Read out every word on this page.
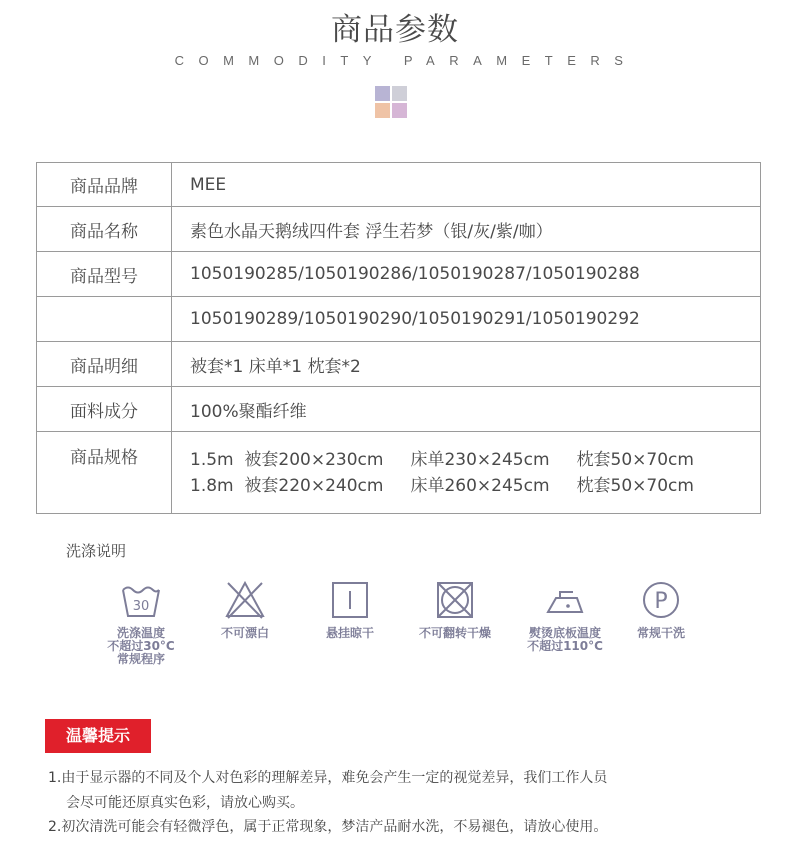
商品参数
COMMODITY PARAMETERS
商品品牌	MEE
商品名称	素色水晶天鹅绒四件套 浮生若梦（银/灰/紫/咖）
商品型号	1050190285/1050190286/1050190287/1050190288
	1050190289/1050190290/1050190291/1050190292
商品明细	被套*1 床单*1 枕套*2
面料成分	100%聚酯纤维
商品规格	1.5m  被套200×230cm     床单230×245cm     枕套50×70cm
1.8m  被套220×240cm     床单260×245cm     枕套50×70cm
洗涤说明
30
洗涤温度
不超过30°C
常规程序
不可漂白	悬挂晾干	不可翻转干燥	熨烫底板温度
不超过110°C
P
常规干洗
温馨提示
1.由于显示器的不同及个人对色彩的理解差异，难免会产生一定的视觉差异，我们工作人员
会尽可能还原真实色彩，请放心购买。
2.初次清洗可能会有轻微浮色，属于正常现象，梦洁产品耐水洗，不易褪色，请放心使用。
